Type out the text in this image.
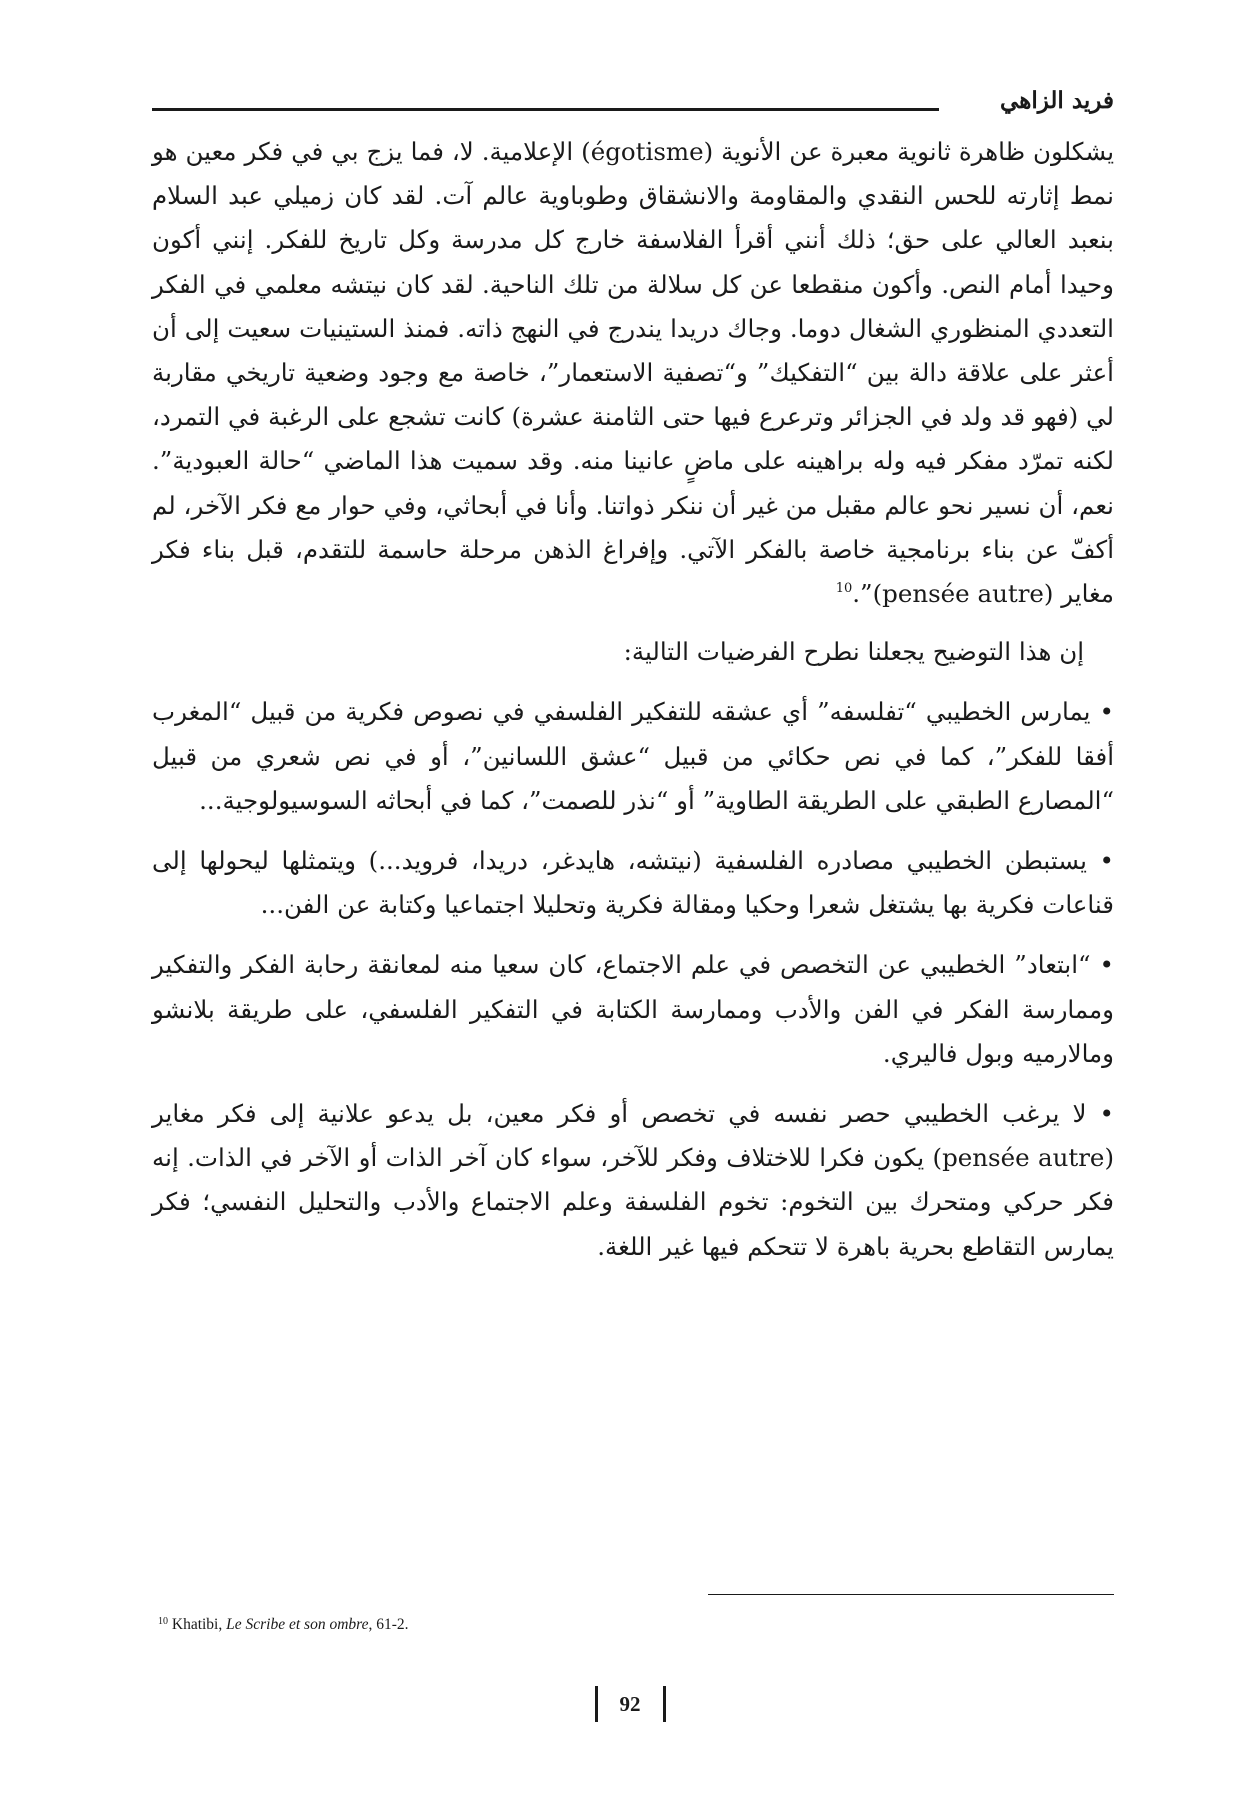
فريد الزاهي

يشكلون ظاهرة ثانوية معبرة عن الأنوية (égotisme) الإعلامية. لا، فما يزج بي في فكر معين هو نمط إثارته للحس النقدي والمقاومة والانشقاق وطوباوية عالم آت. لقد كان زميلي عبد السلام بنعبد العالي على حق؛ ذلك أنني أقرأ الفلاسفة خارج كل مدرسة وكل تاريخ للفكر. إنني أكون وحيدا أمام النص. وأكون منقطعا عن كل سلالة من تلك الناحية. لقد كان نيتشه معلمي في الفكر التعددي المنظوري الشغال دوما. وجاك دريدا يندرج في النهج ذاته. فمنذ الستينيات سعيت إلى أن أعثر على علاقة دالة بين “التفكيك” و“تصفية الاستعمار”، خاصة مع وجود وضعية تاريخي مقاربة لي (فهو قد ولد في الجزائر وترعرع فيها حتى الثامنة عشرة) كانت تشجع على الرغبة في التمرد، لكنه تمرّد مفكر فيه وله براهينه على ماضٍ عانينا منه. وقد سميت هذا الماضي “حالة العبودية”. نعم، أن نسير نحو عالم مقبل من غير أن ننكر ذواتنا. وأنا في أبحاثي، وفي حوار مع فكر الآخر، لم أكفّ عن بناء برنامجية خاصة بالفكر الآتي. وإفراغ الذهن مرحلة حاسمة للتقدم، قبل بناء فكر مغاير (pensée autre)”.$^{10}$

إن هذا التوضيح يجعلنا نطرح الفرضيات التالية:

• يمارس الخطيبي “تفلسفه” أي عشقه للتفكير الفلسفي في نصوص فكرية من قبيل “المغرب أفقا للفكر”، كما في نص حكائي من قبيل “عشق اللسانين”، أو في نص شعري من قبيل “المصارع الطبقي على الطريقة الطاوية” أو “نذر للصمت”، كما في أبحاثه السوسيولوجية...

• يستبطن الخطيبي مصادره الفلسفية (نيتشه، هايدغر، دريدا، فرويد...) ويتمثلها ليحولها إلى قناعات فكرية بها يشتغل شعرا وحكيا ومقالة فكرية وتحليلا اجتماعيا وكتابة عن الفن...

• “ابتعاد” الخطيبي عن التخصص في علم الاجتماع، كان سعيا منه لمعانقة رحابة الفكر والتفكير وممارسة الفكر في الفن والأدب وممارسة الكتابة في التفكير الفلسفي، على طريقة بلانشو ومالارميه وبول فاليري.

• لا يرغب الخطيبي حصر نفسه في تخصص أو فكر معين، بل يدعو علانية إلى فكر مغاير (pensée autre) يكون فكرا للاختلاف وفكر للآخر، سواء كان آخر الذات أو الآخر في الذات. إنه فكر حركي ومتحرك بين التخوم: تخوم الفلسفة وعلم الاجتماع والأدب والتحليل النفسي؛ فكر يمارس التقاطع بحرية باهرة لا تتحكم فيها غير اللغة.

$^{10}$ Khatibi, Le Scribe et son ombre, 61-2.
92
